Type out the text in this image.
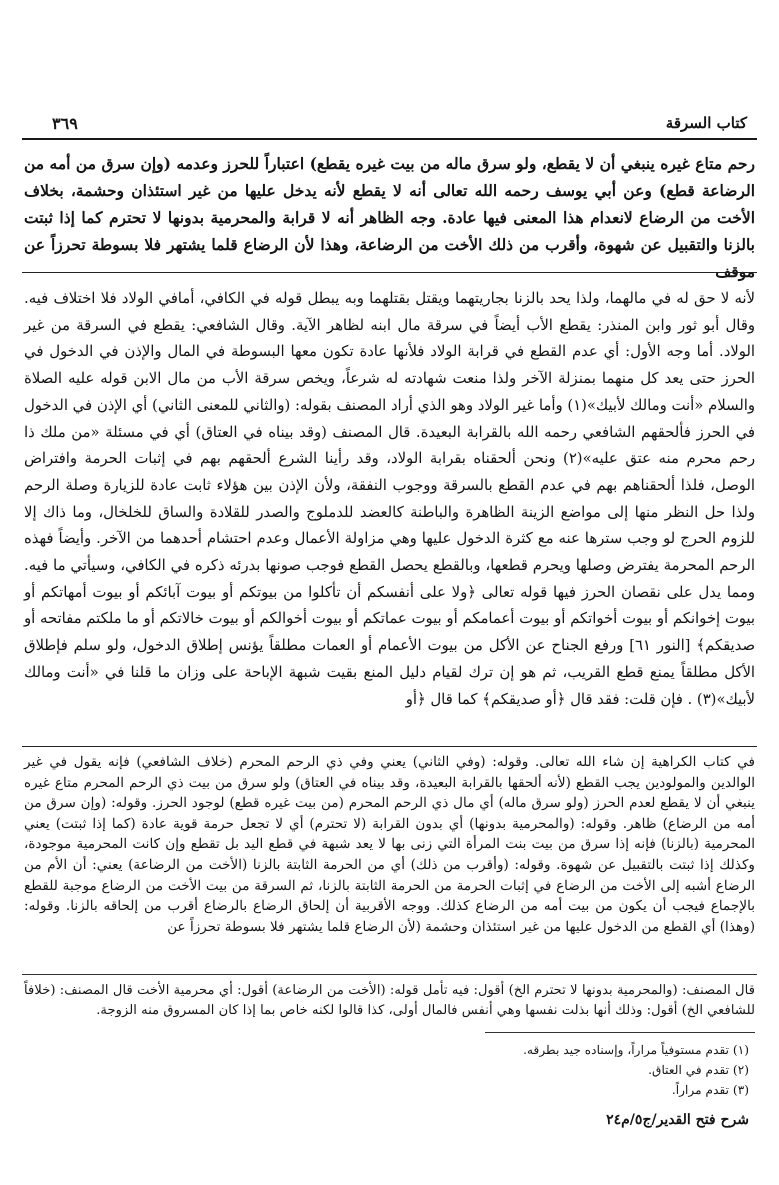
كتاب السرقة
٣٦٩

رحم متاع غيره ينبغي أن لا يقطع، ولو سرق ماله من بيت غيره يقطع) اعتباراً للحرز وعدمه (وإن سرق من أمه من الرضاعة قطع) وعن أبي يوسف رحمه الله تعالى أنه لا يقطع لأنه يدخل عليها من غير استئذان وحشمة، بخلاف الأخت من الرضاع لانعدام هذا المعنى فيها عادة. وجه الظاهر أنه لا قرابة والمحرمية بدونها لا تحترم كما إذا ثبتت بالزنا والتقبيل عن شهوة، وأقرب من ذلك الأخت من الرضاعة، وهذا لأن الرضاع قلما يشتهر فلا بسوطة تحرزاً عن موقف

لأنه لا حق له في مالهما، ولذا يحد بالزنا بجاريتهما ويقتل بقتلهما وبه يبطل قوله في الكافي، أمافي الولاد فلا اختلاف فيه. وقال أبو ثور وابن المنذر: يقطع الأب أيضاً في سرقة مال ابنه لظاهر الآية. وقال الشافعي: يقطع في السرقة من غير الولاد. أما وجه الأول: أي عدم القطع في قرابة الولاد فلأنها عادة تكون معها البسوطة في المال والإذن في الدخول في الحرز حتى يعد كل منهما بمنزلة الآخر ولذا منعت شهادته له شرعاً، ويخص سرقة الأب من مال الابن قوله عليه الصلاة والسلام «أنت ومالك لأبيك»(١) وأما غير الولاد وهو الذي أراد المصنف بقوله: (والثاني للمعنى الثاني) أي الإذن في الدخول في الحرز فألحقهم الشافعي رحمه الله بالقرابة البعيدة. قال المصنف (وقد بيناه في العتاق) أي في مسئلة «من ملك ذا رحم محرم منه عتق عليه»(٢) ونحن ألحقناه بقرابة الولاد، وقد رأينا الشرع ألحقهم بهم في إثبات الحرمة وافتراض الوصل، فلذا ألحقناهم بهم في عدم القطع بالسرقة ووجوب النفقة، ولأن الإذن بين هؤلاء ثابت عادة للزيارة وصلة الرحم ولذا حل النظر منها إلى مواضع الزينة الظاهرة والباطنة كالعضد للدملوج والصدر للقلادة والساق للخلخال، وما ذاك إلا للزوم الحرج لو وجب سترها عنه مع كثرة الدخول عليها وهي مزاولة الأعمال وعدم احتشام أحدهما من الآخر. وأيضاً فهذه الرحم المحرمة يفترض وصلها ويحرم قطعها، وبالقطع يحصل القطع فوجب صونها بدرئه ذكره في الكافي، وسيأتي ما فيه. ومما يدل على نقصان الحرز فيها قوله تعالى ﴿ولا على أنفسكم أن تأكلوا من بيوتكم أو بيوت آبائكم أو بيوت أمهاتكم أو بيوت إخوانكم أو بيوت أخواتكم أو بيوت أعمامكم أو بيوت عماتكم أو بيوت أخوالكم أو بيوت خالاتكم أو ما ملكتم مفاتحه أو صديقكم﴾ [النور ٦١] ورفع الجناح عن الأكل من بيوت الأعمام أو العمات مطلقاً يؤنس إطلاق الدخول، ولو سلم فإطلاق الأكل مطلقاً يمنع قطع القريب، ثم هو إن ترك لقيام دليل المنع بقيت شبهة الإباحة على وزان ما قلنا في «أنت ومالك لأبيك»(٣) . فإن قلت: فقد قال ﴿أو صديقكم﴾ كما قال ﴿أو

في كتاب الكراهية إن شاء الله تعالى. وقوله: (وفي الثاني) يعني وفي ذي الرحم المحرم (خلاف الشافعي) فإنه يقول في غير الوالدين والمولودين يجب القطع (لأنه ألحقها بالقرابة البعيدة، وقد بيناه في العتاق) ولو سرق من بيت ذي الرحم المحرم متاع غيره ينبغي أن لا يقطع لعدم الحرز (ولو سرق ماله) أي مال ذي الرحم المحرم (من بيت غيره قطع) لوجود الحرز. وقوله: (وإن سرق من أمه من الرضاع) ظاهر. وقوله: (والمحرمية بدونها) أي بدون القرابة (لا تحترم) أي لا تجعل حرمة قوية عادة (كما إذا ثبتت) يعني المحرمية (بالزنا) فإنه إذا سرق من بيت بنت المرأة التي زنى بها لا يعد شبهة في قطع اليد بل تقطع وإن كانت المحرمية موجودة، وكذلك إذا ثبتت بالتقبيل عن شهوة. وقوله: (وأقرب من ذلك) أي من الحرمة الثابتة بالزنا (الأخت من الرضاعة) يعني: أن الأم من الرضاع أشبه إلى الأخت من الرضاع في إثبات الحرمة من الحرمة الثابتة بالزنا، ثم السرقة من بيت الأخت من الرضاع موجبة للقطع بالإجماع فيجب أن يكون من بيت أمه من الرضاع كذلك. ووجه الأقربية أن إلحاق الرضاع بالرضاع أقرب من إلحاقه بالزنا. وقوله: (وهذا) أي القطع من الدخول عليها من غير استئذان وحشمة (لأن الرضاع قلما يشتهر فلا بسوطة تحرزاً عن

قال المصنف: (والمحرمية بدونها لا تحترم الخ) أقول: فيه تأمل قوله: (الأخت من الرضاعة) أقول: أي محرمية الأخت قال المصنف: (خلافاً للشافعي الخ) أقول: وذلك أنها بذلت نفسها وهي أنفس فالمال أولى، كذا قالوا لكنه خاص بما إذا كان المسروق منه الزوجة.

(١) تقدم مستوفياً مراراً، وإسناده جيد بطرقه.
(٢) تقدم في العتاق.
(٣) تقدم مراراً.
شرح فتح القدير/ج٥/م٢٤
